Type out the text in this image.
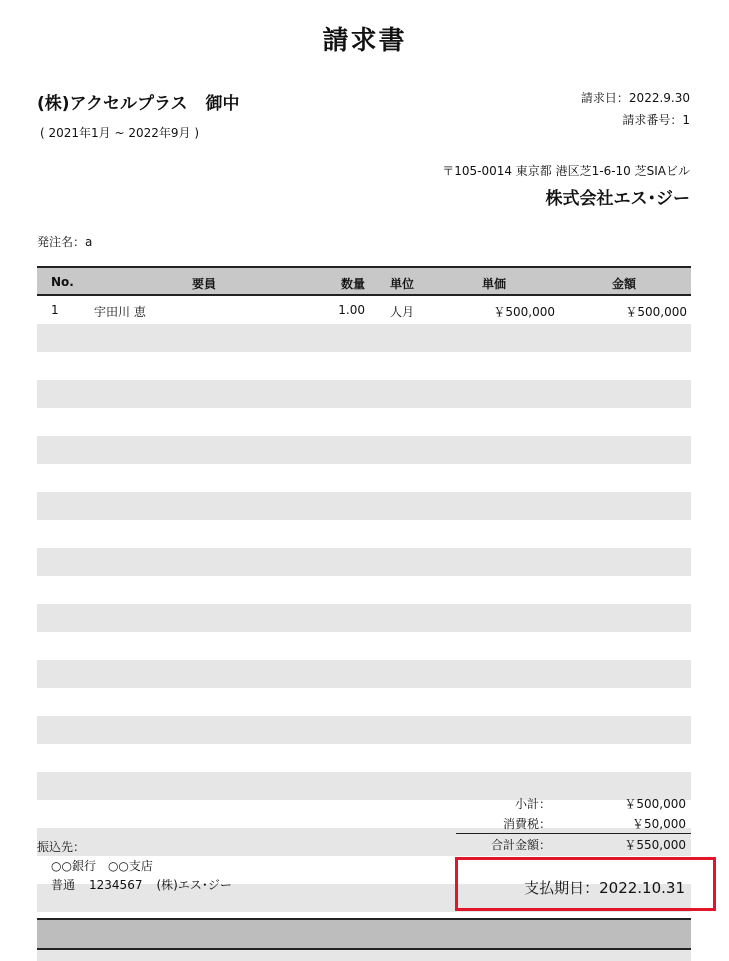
請求書
(株)アクセルプラス 御中
( 2021年1月 ~ 2022年9月 )
請求日：2022.9.30
請求番号：1
〒105-0014 東京都 港区芝1-6-10 芝SIAビル
株式会社エス･ジー
発注名：a
No.	要員	数量 単位	単価	金額
1	宇田川 恵	1.00 人月	￥500,000	￥500,000
小計：	￥500,000
消費税：	￥50,000
合計金額：	￥550,000
振込先：
○○銀行　○○支店
普通 1234567 (株)エス･ジー	支払期日：2022.10.31
